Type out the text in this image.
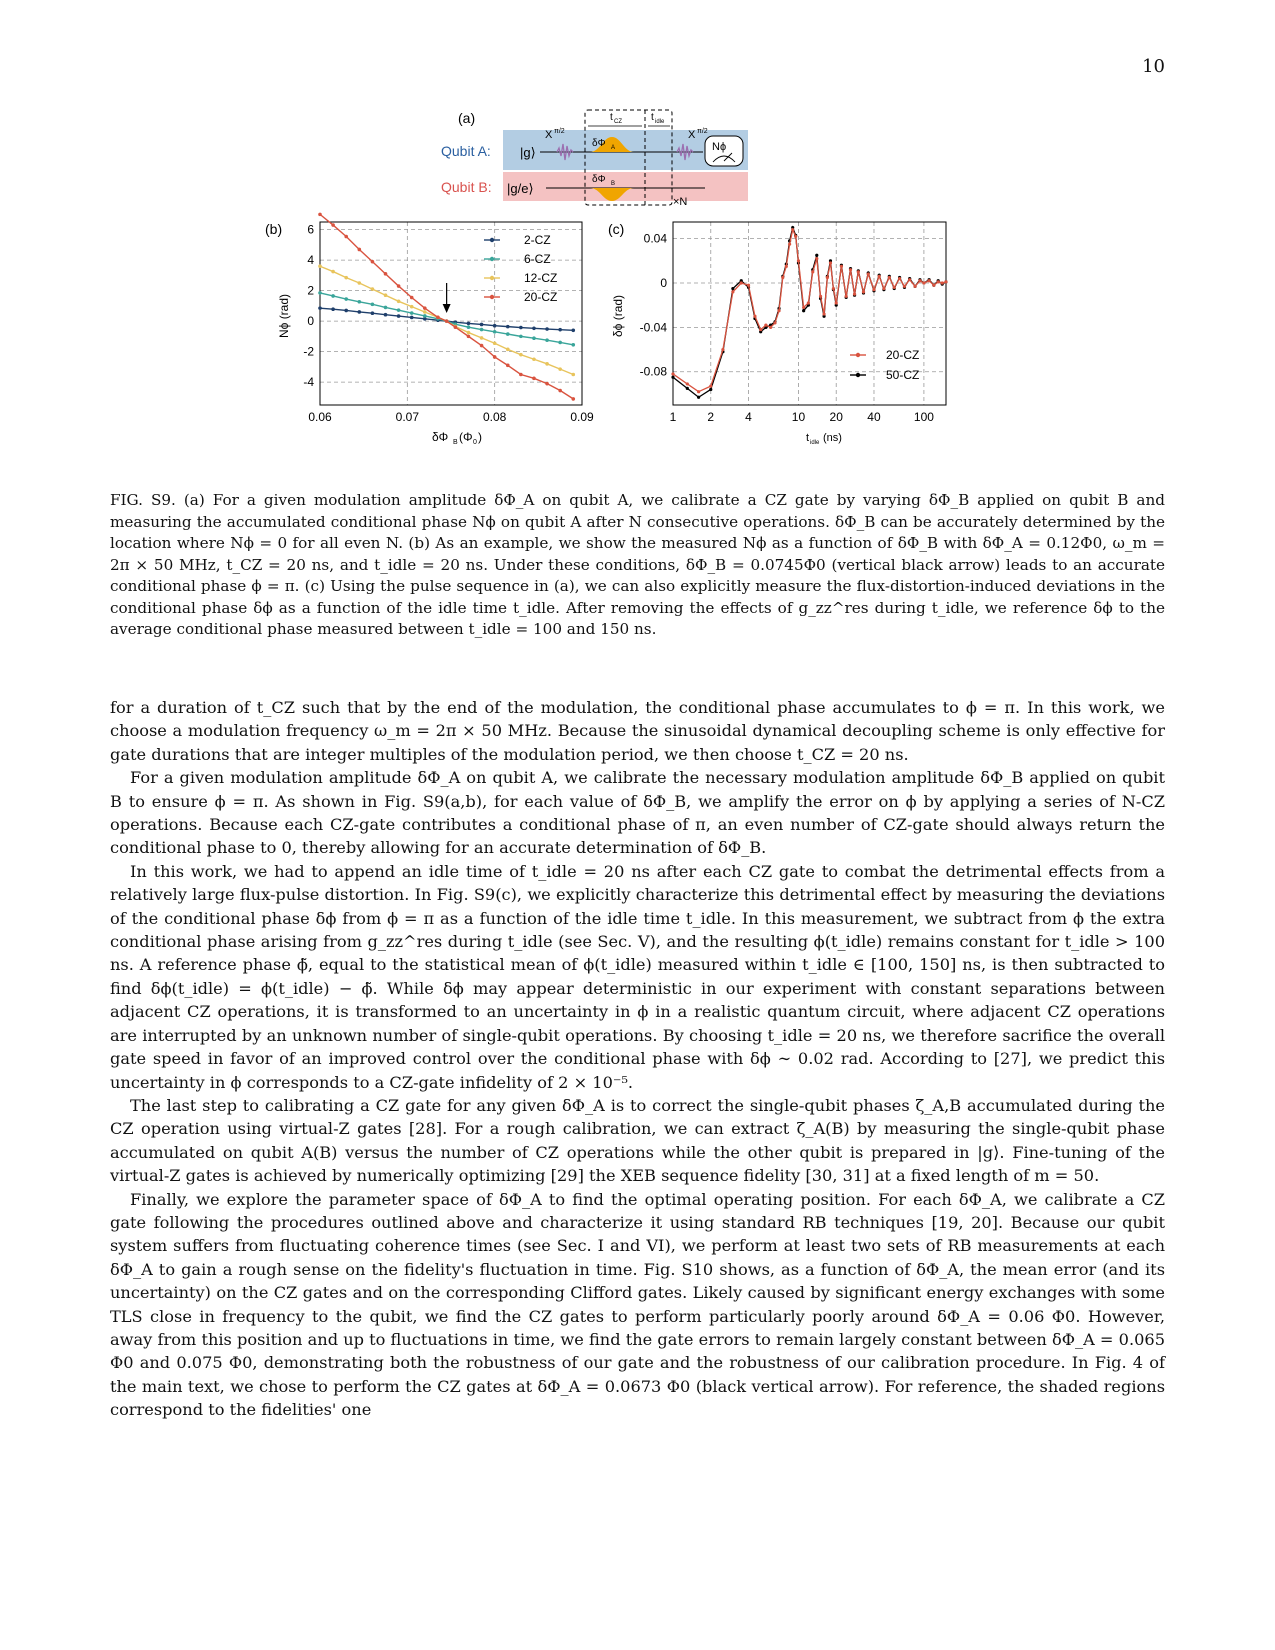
10
(a)
Qubit A:
Qubit B:
|g⟩
|g/e⟩
X π/2	X π/2
δΦ A
δΦ B
t CZ	t idle
×N
Nϕ
(b)
0.06	0.07	0.08	0.09
6
4
2
0
-2
-4
2-CZ
6-CZ
12-CZ
20-CZ
Nϕ (rad)
δΦ B (Φ 0 )
(c)
1	2	4	10 20 40	100
0.04
0
-0.04
-0.08
20-CZ
50-CZ
δϕ (rad)
t idle (ns)
FIG. S9. (a) For a given modulation amplitude δΦ_A on qubit A, we calibrate a CZ gate by varying δΦ_B applied on qubit B and measuring the accumulated conditional phase Nϕ on qubit A after N consecutive operations. δΦ_B can be accurately determined by the location where Nϕ = 0 for all even N. (b) As an example, we show the measured Nϕ as a function of δΦ_B with δΦ_A = 0.12Φ0, ω_m = 2π × 50 MHz, t_CZ = 20 ns, and t_idle = 20 ns. Under these conditions, δΦ_B = 0.0745Φ0 (vertical black arrow) leads to an accurate conditional phase ϕ = π. (c) Using the pulse sequence in (a), we can also explicitly measure the flux-distortion-induced deviations in the conditional phase δϕ as a function of the idle time t_idle. After removing the effects of g_zz^res during t_idle, we reference δϕ to the average conditional phase measured between t_idle = 100 and 150 ns.

for a duration of t_CZ such that by the end of the modulation, the conditional phase accumulates to ϕ = π. In this work, we choose a modulation frequency ω_m = 2π × 50 MHz. Because the sinusoidal dynamical decoupling scheme is only effective for gate durations that are integer multiples of the modulation period, we then choose t_CZ = 20 ns.

For a given modulation amplitude δΦ_A on qubit A, we calibrate the necessary modulation amplitude δΦ_B applied on qubit B to ensure ϕ = π. As shown in Fig. S9(a,b), for each value of δΦ_B, we amplify the error on ϕ by applying a series of N-CZ operations. Because each CZ-gate contributes a conditional phase of π, an even number of CZ-gate should always return the conditional phase to 0, thereby allowing for an accurate determination of δΦ_B.

In this work, we had to append an idle time of t_idle = 20 ns after each CZ gate to combat the detrimental effects from a relatively large flux-pulse distortion. In Fig. S9(c), we explicitly characterize this detrimental effect by measuring the deviations of the conditional phase δϕ from ϕ = π as a function of the idle time t_idle. In this measurement, we subtract from ϕ the extra conditional phase arising from g_zz^res during t_idle (see Sec. V), and the resulting ϕ(t_idle) remains constant for t_idle > 100 ns. A reference phase ϕ̃, equal to the statistical mean of ϕ(t_idle) measured within t_idle ∈ [100, 150] ns, is then subtracted to find δϕ(t_idle) = ϕ(t_idle) − ϕ̃. While δϕ may appear deterministic in our experiment with constant separations between adjacent CZ operations, it is transformed to an uncertainty in ϕ in a realistic quantum circuit, where adjacent CZ operations are interrupted by an unknown number of single-qubit operations. By choosing t_idle = 20 ns, we therefore sacrifice the overall gate speed in favor of an improved control over the conditional phase with δϕ ∼ 0.02 rad. According to [27], we predict this uncertainty in ϕ corresponds to a CZ-gate infidelity of 2 × 10⁻⁵.

The last step to calibrating a CZ gate for any given δΦ_A is to correct the single-qubit phases ζ_A,B accumulated during the CZ operation using virtual-Z gates [28]. For a rough calibration, we can extract ζ_A(B) by measuring the single-qubit phase accumulated on qubit A(B) versus the number of CZ operations while the other qubit is prepared in |g⟩. Fine-tuning of the virtual-Z gates is achieved by numerically optimizing [29] the XEB sequence fidelity [30, 31] at a fixed length of m = 50.

Finally, we explore the parameter space of δΦ_A to find the optimal operating position. For each δΦ_A, we calibrate a CZ gate following the procedures outlined above and characterize it using standard RB techniques [19, 20]. Because our qubit system suffers from fluctuating coherence times (see Sec. I and VI), we perform at least two sets of RB measurements at each δΦ_A to gain a rough sense on the fidelity's fluctuation in time. Fig. S10 shows, as a function of δΦ_A, the mean error (and its uncertainty) on the CZ gates and on the corresponding Clifford gates. Likely caused by significant energy exchanges with some TLS close in frequency to the qubit, we find the CZ gates to perform particularly poorly around δΦ_A = 0.06 Φ0. However, away from this position and up to fluctuations in time, we find the gate errors to remain largely constant between δΦ_A = 0.065 Φ0 and 0.075 Φ0, demonstrating both the robustness of our gate and the robustness of our calibration procedure. In Fig. 4 of the main text, we chose to perform the CZ gates at δΦ_A = 0.0673 Φ0 (black vertical arrow). For reference, the shaded regions correspond to the fidelities' one
